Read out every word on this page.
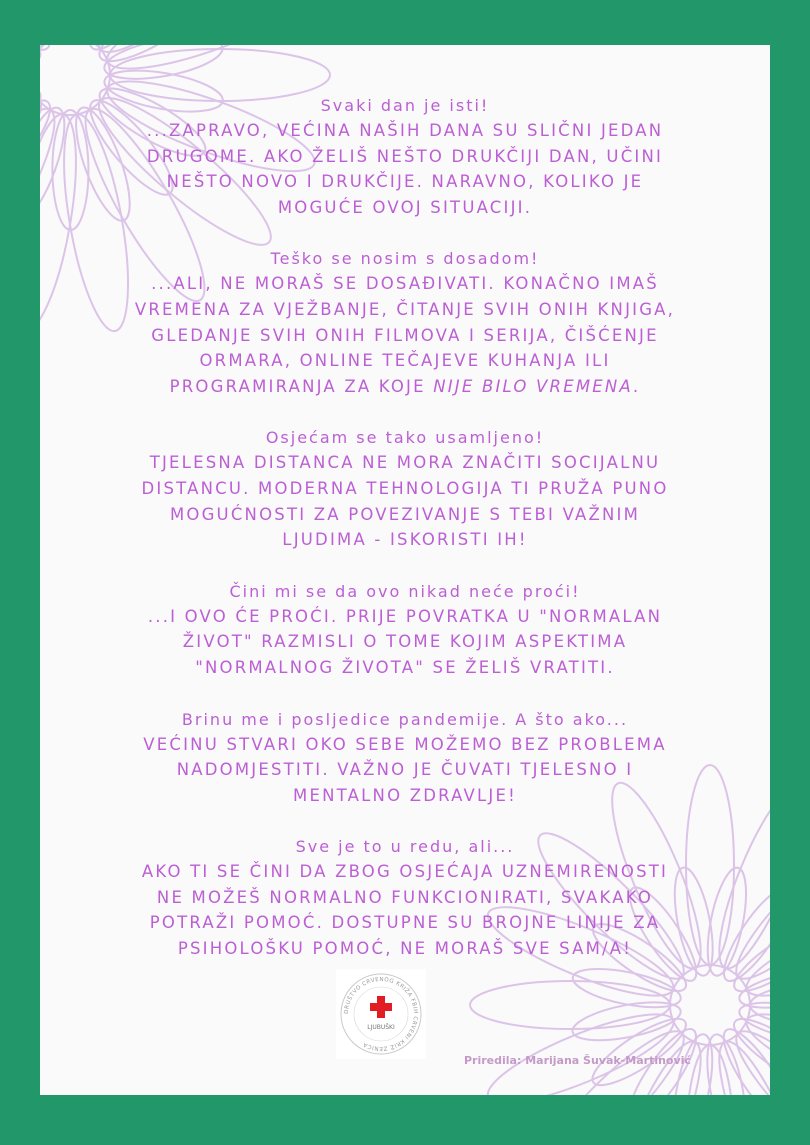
Svaki dan je isti!

...ZAPRAVO, VEĆINA NAŠIH DANA SU SLIČNI JEDAN

DRUGOME. AKO ŽELIŠ NEŠTO DRUKČIJI DAN, UČINI

NEŠTO NOVO I DRUKČIJE. NARAVNO, KOLIKO JE

MOGUĆE OVOJ SITUACIJI.

Teško se nosim s dosadom!

...ALI, NE MORAŠ SE DOSAĐIVATI. KONAČNO IMAŠ

VREMENA ZA VJEŽBANJE, ČITANJE SVIH ONIH KNJIGA,

GLEDANJE SVIH ONIH FILMOVA I SERIJA, ČIŠĆENJE

ORMARA, ONLINE TEČAJEVE KUHANJA ILI

PROGRAMIRANJA ZA KOJE NIJE BILO VREMENA.

Osjećam se tako usamljeno!

TJELESNA DISTANCA NE MORA ZNAČITI SOCIJALNU

DISTANCU. MODERNA TEHNOLOGIJA TI PRUŽA PUNO

MOGUĆNOSTI ZA POVEZIVANJE S TEBI VAŽNIM

LJUDIMA - ISKORISTI IH!

Čini mi se da ovo nikad neće proći!

...I OVO ĆE PROĆI. PRIJE POVRATKA U "NORMALAN

ŽIVOT" RAZMISLI O TOME KOJIM ASPEKTIMA

"NORMALNOG ŽIVOTA" SE ŽELIŠ VRATITI.

Brinu me i posljedice pandemije. A što ako...

VEĆINU STVARI OKO SEBE MOŽEMO BEZ PROBLEMA

NADOMJESTITI. VAŽNO JE ČUVATI TJELESNO I

MENTALNO ZDRAVLJE!

Sve je to u redu, ali...

AKO TI SE ČINI DA ZBOG OSJEĆAJA UZNEMIRENOSTI

NE MOŽEŠ NORMALNO FUNKCIONIRATI, SVAKAKO

POTRAŽI POMOĆ. DOSTUPNE SU BROJNE LINIJE ZA

PSIHOLOŠKU POMOĆ, NE MORAŠ SVE SAM/A!

DRUŠTVO CRVENOG KRIŽA FBIH CRVENI KRIŽ ZENICA
LJUBUŠKI
Priredila: Marijana Šuvak-Martinović
